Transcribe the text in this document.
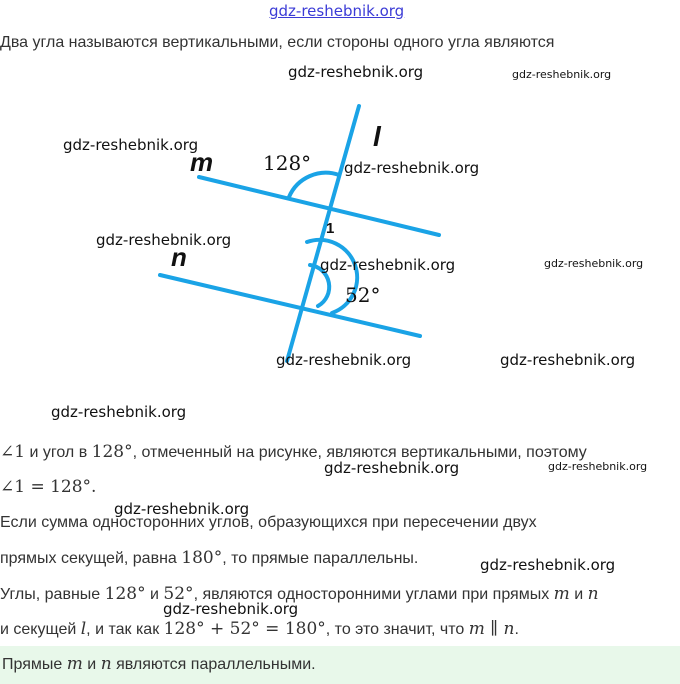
gdz-reshebnik.org
Два угла называются вертикальными, если стороны одного угла являются
m
n
l
128°
1
52°
gdz-reshebnik.org	gdz-reshebnik.org
gdz-reshebnik.org
gdz-reshebnik.org
gdz-reshebnik.org
gdz-reshebnik.org	gdz-reshebnik.org
gdz-reshebnik.org	gdz-reshebnik.org
gdz-reshebnik.org
gdz-reshebnik.org	gdz-reshebnik.org
gdz-reshebnik.org
gdz-reshebnik.org
gdz-reshebnik.org
∠1 и угол в 128°, отмеченный на рисунке, являются вертикальными, поэтому
∠1 = 128°.
Если сумма односторонних углов, образующихся при пересечении двух
прямых секущей, равна 180°, то прямые параллельны.
Углы, равные 128° и 52°, являются односторонними углами при прямых m и n
и секущей l, и так как 128° + 52° = 180°, то это значит, что m ∥ n.
Прямые m и n являются параллельными.
